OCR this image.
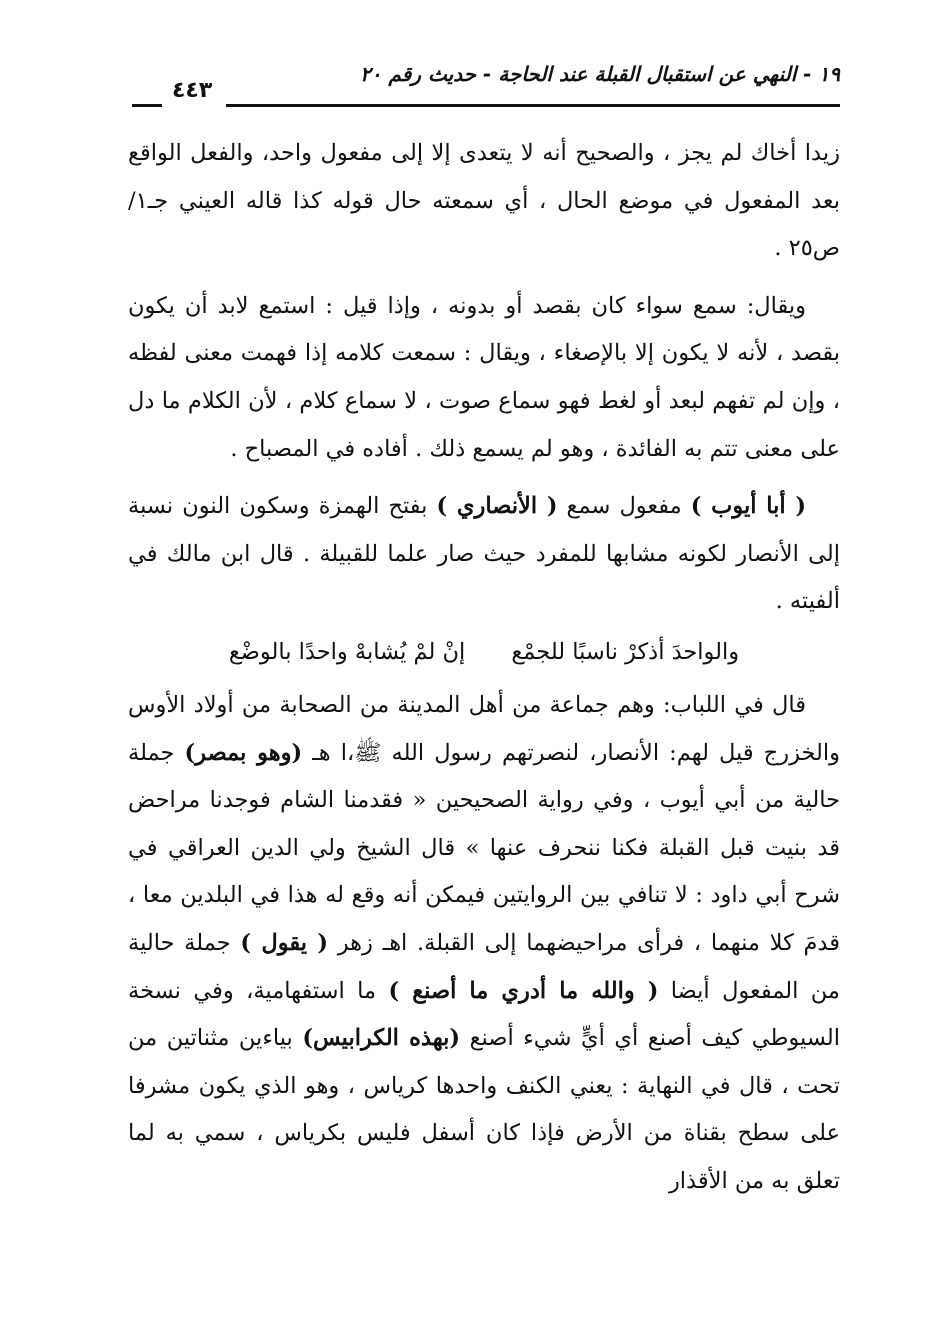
١٩ - النهي عن استقبال القبلة عند الحاجة - حديث رقم ٢٠
٤٤٣

زيدا أخاك لم يجز ، والصحيح أنه لا يتعدى إلا إلى مفعول واحد، والفعل الواقع بعد المفعول في موضع الحال ، أي سمعته حال قوله كذا قاله العيني جـ١/ ص٢٥ .

ويقال: سمع سواء كان بقصد أو بدونه ، وإذا قيل : استمع لابد أن يكون بقصد ، لأنه لا يكون إلا بالإصغاء ، ويقال : سمعت كلامه إذا فهمت معنى لفظه ، وإن لم تفهم لبعد أو لغط فهو سماع صوت ، لا سماع كلام ، لأن الكلام ما دل على معنى تتم به الفائدة ، وهو لم يسمع ذلك . أفاده في المصباح .

( أبا أيوب ) مفعول سمع ( الأنصاري ) بفتح الهمزة وسكون النون نسبة إلى الأنصار لكونه مشابها للمفرد حيث صار علما للقبيلة . قال ابن مالك في ألفيته .

والواحدَ أذكرْ ناسبًا للجمْعإنْ لمْ يُشابهْ واحدًا بالوضْع

قال في اللباب: وهم جماعة من أهل المدينة من الصحابة من أولاد الأوس والخزرج قيل لهم: الأنصار، لنصرتهم رسول الله ﷺ،ا هـ (وهو بمصر) جملة حالية من أبي أيوب ، وفي رواية الصحيحين « فقدمنا الشام فوجدنا مراحض قد بنيت قبل القبلة فكنا ننحرف عنها » قال الشيخ ولي الدين العراقي في شرح أبي داود : لا تنافي بين الروايتين فيمكن أنه وقع له هذا في البلدين معا ، قدمَ كلا منهما ، فرأى مراحيضهما إلى القبلة. اهـ زهر ( يقول ) جملة حالية من المفعول أيضا ( والله ما أدري ما أصنع ) ما استفهامية، وفي نسخة السيوطي كيف أصنع أي أيٍّ شيء أصنع (بهذه الكرابيس) بياءين مثناتين من تحت ، قال في النهاية : يعني الكنف واحدها كرياس ، وهو الذي يكون مشرفا على سطح بقناة من الأرض فإذا كان أسفل فليس بكرياس ، سمي به لما تعلق به من الأقذار
